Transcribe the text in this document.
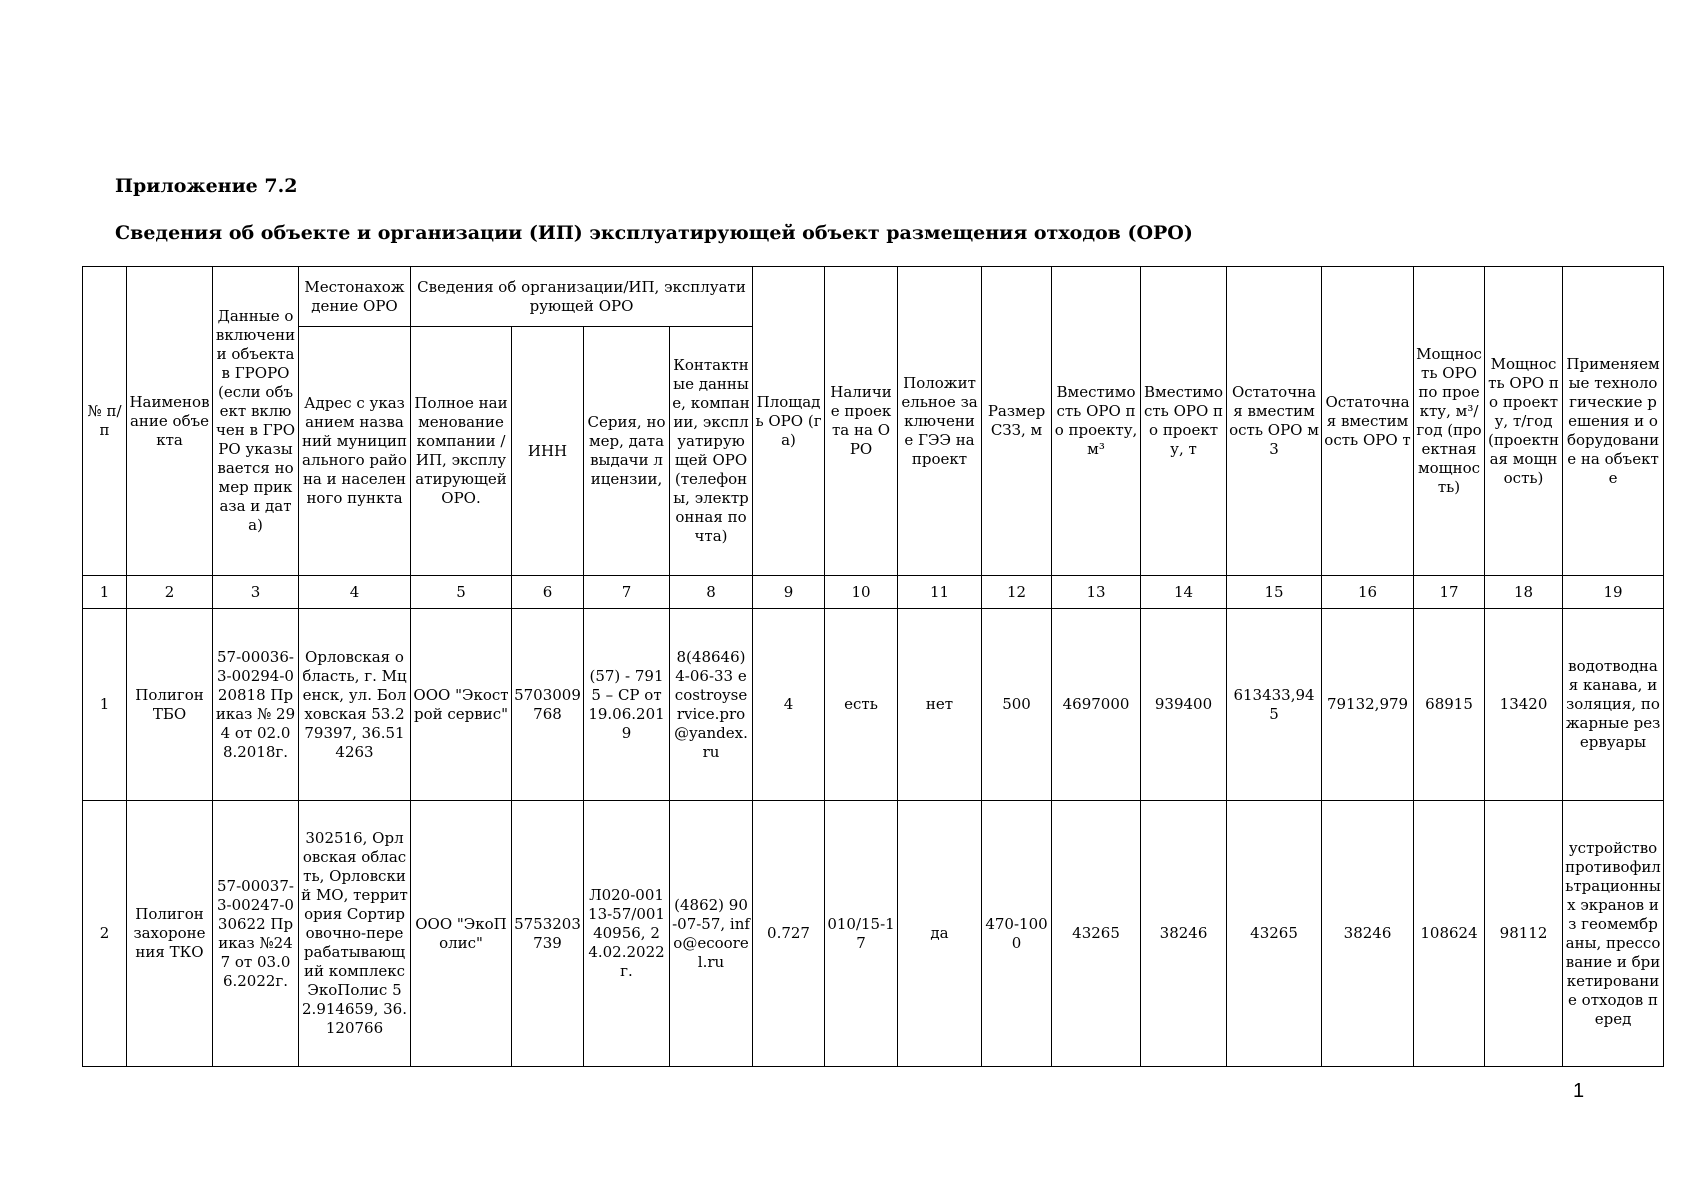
Приложение 7.2
Сведения об объекте и организации (ИП) эксплуатирующей объект размещения отходов (ОРО)
№ п/п	Наименование объекта	Данные о включении объекта в ГРОРО (если объект включен в ГРОРО указывается номер приказа и дата)	Местонахождение ОРО	Сведения об организации/ИП, эксплуатирующей ОРО				Площадь ОРО (га)	Наличие проекта на ОРО	Положительное заключение ГЭЭ на проект	Размер СЗЗ, м	Вместимость ОРО по проекту, м³	Вместимость ОРО по проекту, т	Остаточная вместимость ОРО м3	Остаточная вместимость ОРО т	Мощность ОРО по проекту, м³/год (проектная мощность)	Мощность ОРО по проекту, т/год (проектная мощность)	Применяемые технологические решения и оборудование на объекте
			Адрес с указанием названий муниципального района и населенного пункта	Полное наименование компании /ИП, эксплуатирующей ОРО.	ИНН	Серия, номер, дата выдачи лицензии,	Контактные данные, компании, эксплуатирующей ОРО (телефоны, электронная почта)											
1	2	3	4	5	6	7	8	9	10	11	12	13	14	15	16	17	18	19
1	Полигон ТБО	57-00036-3-00294-020818 Приказ № 294 от 02.08.2018г.	Орловская область, г. Мценск, ул. Болховская 53.279397, 36.514263	ООО "Экострой сервис"	5703009768	(57) - 7915 – СР от 19.06.2019	8(48646)4-06-33 ecostroyservice.pro@yandex.ru	4	есть	нет	500	4697000	939400	613433,945	79132,979	68915	13420	водотводная канава, изоляция, пожарные резервуары
2	Полигон захоронения ТКО	57-00037-3-00247-030622 Приказ №247 от 03.06.2022г.	302516, Орловская область, Орловский МО, территория Сортировочно-перерабатывающий комплекс ЭкоПолис 52.914659, 36.120766	ООО "ЭкоПолис"	5753203739	Л020-00113-57/00140956, 24.02.2022г.	(4862) 90-07-57, info@ecoorel.ru	0.727	010/15-17	да	470-1000	43265	38246	43265	38246	108624	98112	устройство противофильтрационных экранов из геомембраны, прессование и брикетирование отходов перед
1
